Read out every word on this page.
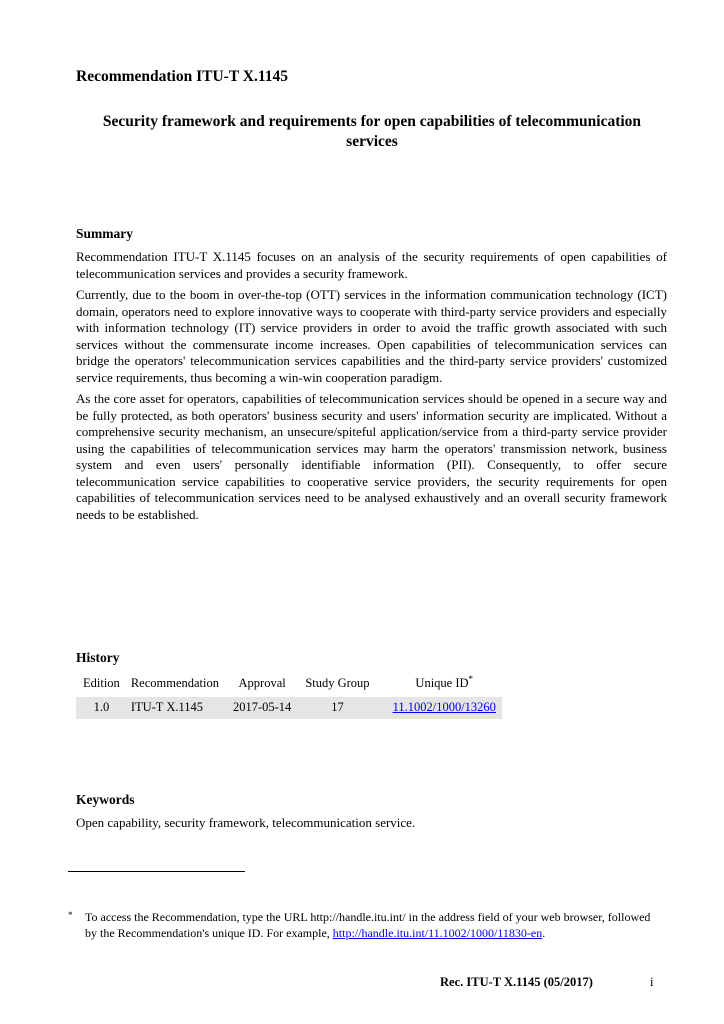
Recommendation ITU-T X.1145
Security framework and requirements for open capabilities of telecommunication services
Summary

Recommendation ITU-T X.1145 focuses on an analysis of the security requirements of open capabilities of telecommunication services and provides a security framework.

Currently, due to the boom in over-the-top (OTT) services in the information communication technology (ICT) domain, operators need to explore innovative ways to cooperate with third-party service providers and especially with information technology (IT) service providers in order to avoid the traffic growth associated with such services without the commensurate income increases. Open capabilities of telecommunication services can bridge the operators' telecommunication services capabilities and the third-party service providers' customized service requirements, thus becoming a win-win cooperation paradigm.

As the core asset for operators, capabilities of telecommunication services should be opened in a secure way and be fully protected, as both operators' business security and users' information security are implicated. Without a comprehensive security mechanism, an unsecure/spiteful application/service from a third-party service provider using the capabilities of telecommunication services may harm the operators' transmission network, business system and even users' personally identifiable information (PII). Consequently, to offer secure telecommunication service capabilities to cooperative service providers, the security requirements for open capabilities of telecommunication services need to be analysed exhaustively and an overall security framework needs to be established.

History
Edition	Recommendation	Approval	Study Group	Unique ID*
1.0	ITU-T X.1145	2017-05-14	17	11.1002/1000/13260
Keywords

Open capability, security framework, telecommunication service.

* To access the Recommendation, type the URL http://handle.itu.int/ in the address field of your web browser, followed by the Recommendation's unique ID. For example, http://handle.itu.int/11.1002/1000/11830-en.
Rec. ITU-T X.1145 (05/2017)	i
